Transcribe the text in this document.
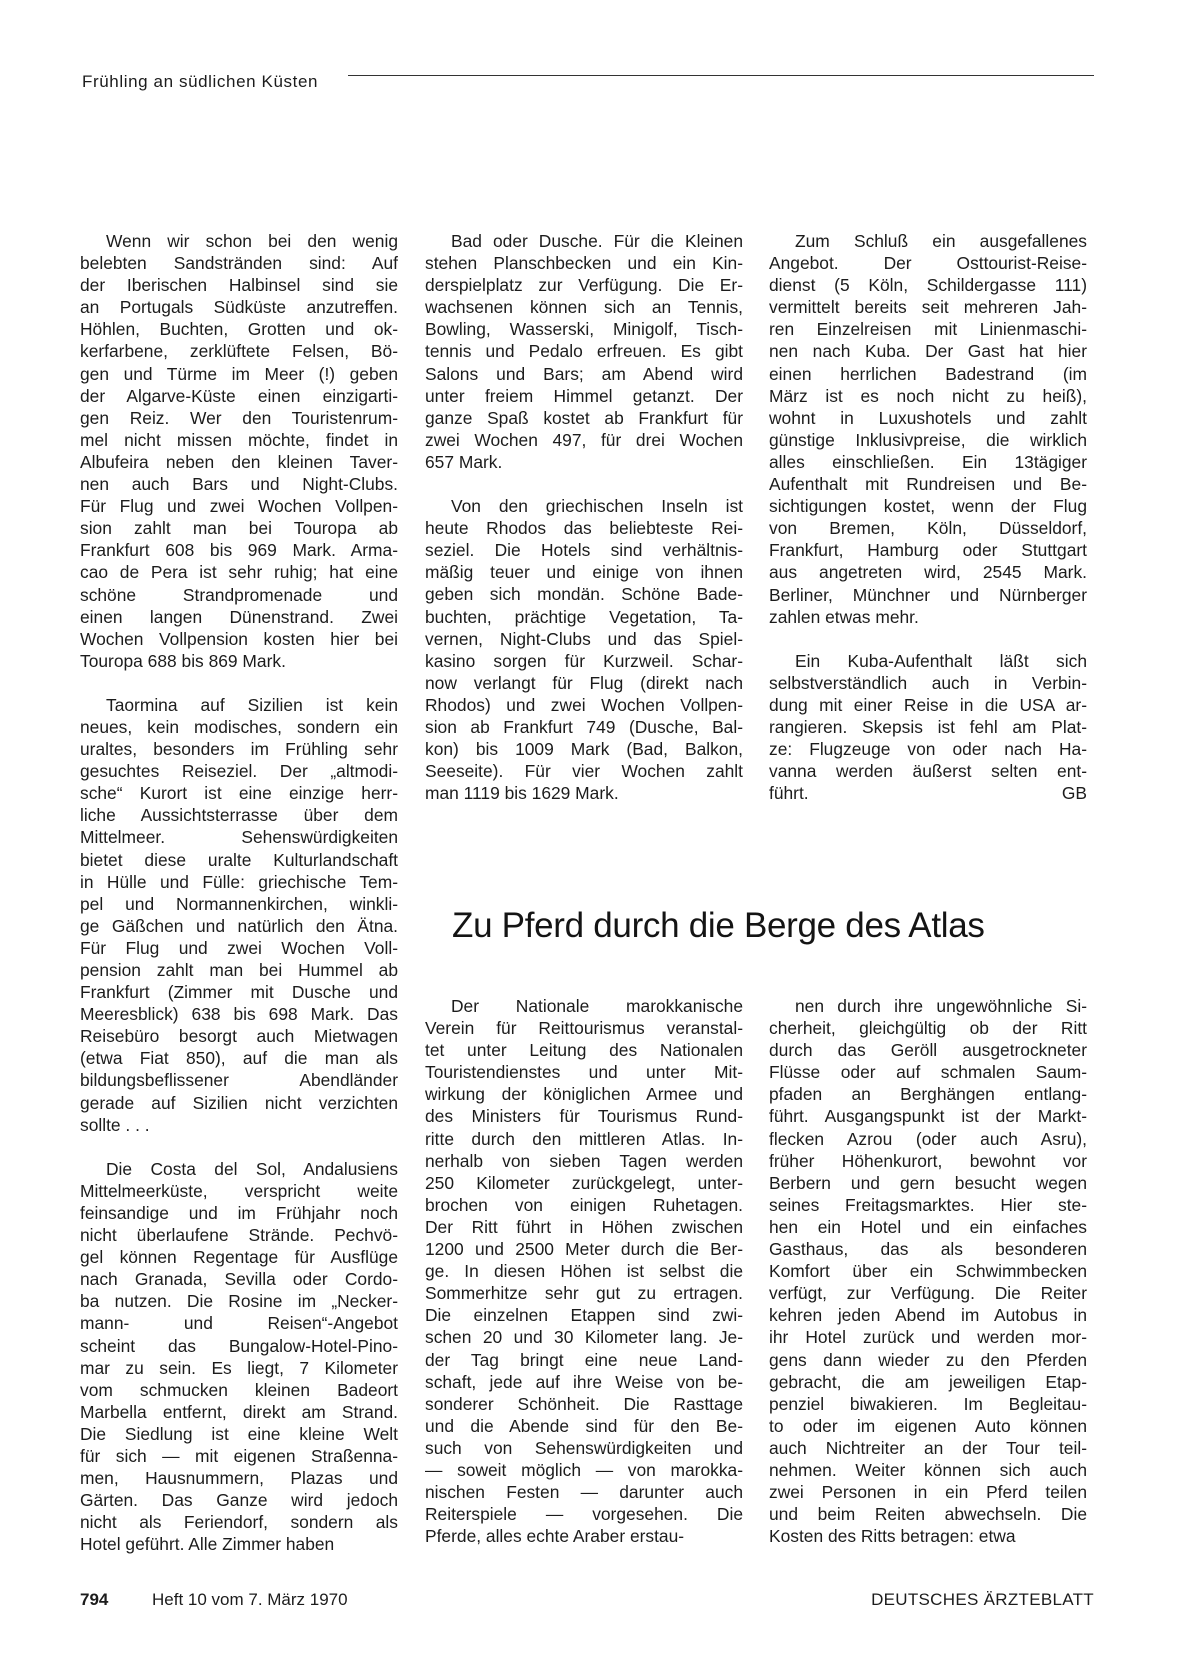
Frühling an südlichen Küsten

Wenn wir schon bei den wenig
belebten Sandstränden sind: Auf
der Iberischen Halbinsel sind sie
an Portugals Südküste anzutreffen.
Höhlen, Buchten, Grotten und ok-
kerfarbene, zerklüftete Felsen, Bö-
gen und Türme im Meer (!) geben
der Algarve-Küste einen einzigarti-
gen Reiz. Wer den Touristenrum-
mel nicht missen möchte, findet in
Albufeira neben den kleinen Taver-
nen auch Bars und Night-Clubs.
Für Flug und zwei Wochen Vollpen-
sion zahlt man bei Touropa ab
Frankfurt 608 bis 969 Mark. Arma-
cao de Pera ist sehr ruhig; hat eine
schöne Strandpromenade und
einen langen Dünenstrand. Zwei
Wochen Vollpension kosten hier bei
Touropa 688 bis 869 Mark.

Taormina auf Sizilien ist kein
neues, kein modisches, sondern ein
uraltes, besonders im Frühling sehr
gesuchtes Reiseziel. Der „altmodi-
sche“ Kurort ist eine einzige herr-
liche Aussichtsterrasse über dem
Mittelmeer. Sehenswürdigkeiten
bietet diese uralte Kulturlandschaft
in Hülle und Fülle: griechische Tem-
pel und Normannenkirchen, winkli-
ge Gäßchen und natürlich den Ätna.
Für Flug und zwei Wochen Voll-
pension zahlt man bei Hummel ab
Frankfurt (Zimmer mit Dusche und
Meeresblick) 638 bis 698 Mark. Das
Reisebüro besorgt auch Mietwagen
(etwa Fiat 850), auf die man als
bildungsbeflissener Abendländer
gerade auf Sizilien nicht verzichten
sollte . . .

Die Costa del Sol, Andalusiens
Mittelmeerküste, verspricht weite
feinsandige und im Frühjahr noch
nicht überlaufene Strände. Pechvö-
gel können Regentage für Ausflüge
nach Granada, Sevilla oder Cordo-
ba nutzen. Die Rosine im „Necker-
mann- und Reisen“-Angebot
scheint das Bungalow-Hotel-Pino-
mar zu sein. Es liegt, 7 Kilometer
vom schmucken kleinen Badeort
Marbella entfernt, direkt am Strand.
Die Siedlung ist eine kleine Welt
für sich — mit eigenen Straßenna-
men, Hausnummern, Plazas und
Gärten. Das Ganze wird jedoch
nicht als Feriendorf, sondern als
Hotel geführt. Alle Zimmer haben

Bad oder Dusche. Für die Kleinen
stehen Planschbecken und ein Kin-
derspielplatz zur Verfügung. Die Er-
wachsenen können sich an Tennis,
Bowling, Wasserski, Minigolf, Tisch-
tennis und Pedalo erfreuen. Es gibt
Salons und Bars; am Abend wird
unter freiem Himmel getanzt. Der
ganze Spaß kostet ab Frankfurt für
zwei Wochen 497, für drei Wochen
657 Mark.

Von den griechischen Inseln ist
heute Rhodos das beliebteste Rei-
seziel. Die Hotels sind verhältnis-
mäßig teuer und einige von ihnen
geben sich mondän. Schöne Bade-
buchten, prächtige Vegetation, Ta-
vernen, Night-Clubs und das Spiel-
kasino sorgen für Kurzweil. Schar-
now verlangt für Flug (direkt nach
Rhodos) und zwei Wochen Vollpen-
sion ab Frankfurt 749 (Dusche, Bal-
kon) bis 1009 Mark (Bad, Balkon,
Seeseite). Für vier Wochen zahlt
man 1119 bis 1629 Mark.

Zum Schluß ein ausgefallenes
Angebot. Der Osttourist-Reise-
dienst (5 Köln, Schildergasse 111)
vermittelt bereits seit mehreren Jah-
ren Einzelreisen mit Linienmaschi-
nen nach Kuba. Der Gast hat hier
einen herrlichen Badestrand (im
März ist es noch nicht zu heiß),
wohnt in Luxushotels und zahlt
günstige Inklusivpreise, die wirklich
alles einschließen. Ein 13tägiger
Aufenthalt mit Rundreisen und Be-
sichtigungen kostet, wenn der Flug
von Bremen, Köln, Düsseldorf,
Frankfurt, Hamburg oder Stuttgart
aus angetreten wird, 2545 Mark.
Berliner, Münchner und Nürnberger
zahlen etwas mehr.

Ein Kuba-Aufenthalt läßt sich
selbstverständlich auch in Verbin-
dung mit einer Reise in die USA ar-
rangieren. Skepsis ist fehl am Plat-
ze: Flugzeuge von oder nach Ha-
vanna werden äußerst selten ent-
führt. GB

Zu Pferd durch die Berge des Atlas

Der Nationale marokkanische
Verein für Reittourismus veranstal-
tet unter Leitung des Nationalen
Touristendienstes und unter Mit-
wirkung der königlichen Armee und
des Ministers für Tourismus Rund-
ritte durch den mittleren Atlas. In-
nerhalb von sieben Tagen werden
250 Kilometer zurückgelegt, unter-
brochen von einigen Ruhetagen.
Der Ritt führt in Höhen zwischen
1200 und 2500 Meter durch die Ber-
ge. In diesen Höhen ist selbst die
Sommerhitze sehr gut zu ertragen.
Die einzelnen Etappen sind zwi-
schen 20 und 30 Kilometer lang. Je-
der Tag bringt eine neue Land-
schaft, jede auf ihre Weise von be-
sonderer Schönheit. Die Rasttage
und die Abende sind für den Be-
such von Sehenswürdigkeiten und
— soweit möglich — von marokka-
nischen Festen — darunter auch
Reiterspiele — vorgesehen. Die
Pferde, alles echte Araber erstau-

nen durch ihre ungewöhnliche Si-
cherheit, gleichgültig ob der Ritt
durch das Geröll ausgetrockneter
Flüsse oder auf schmalen Saum-
pfaden an Berghängen entlang-
führt. Ausgangspunkt ist der Markt-
flecken Azrou (oder auch Asru),
früher Höhenkurort, bewohnt vor
Berbern und gern besucht wegen
seines Freitagsmarktes. Hier ste-
hen ein Hotel und ein einfaches
Gasthaus, das als besonderen
Komfort über ein Schwimmbecken
verfügt, zur Verfügung. Die Reiter
kehren jeden Abend im Autobus in
ihr Hotel zurück und werden mor-
gens dann wieder zu den Pferden
gebracht, die am jeweiligen Etap-
penziel biwakieren. Im Begleitau-
to oder im eigenen Auto können
auch Nichtreiter an der Tour teil-
nehmen. Weiter können sich auch
zwei Personen in ein Pferd teilen
und beim Reiten abwechseln. Die
Kosten des Ritts betragen: etwa

794	Heft 10 vom 7. März 1970	DEUTSCHES ÄRZTEBLATT
